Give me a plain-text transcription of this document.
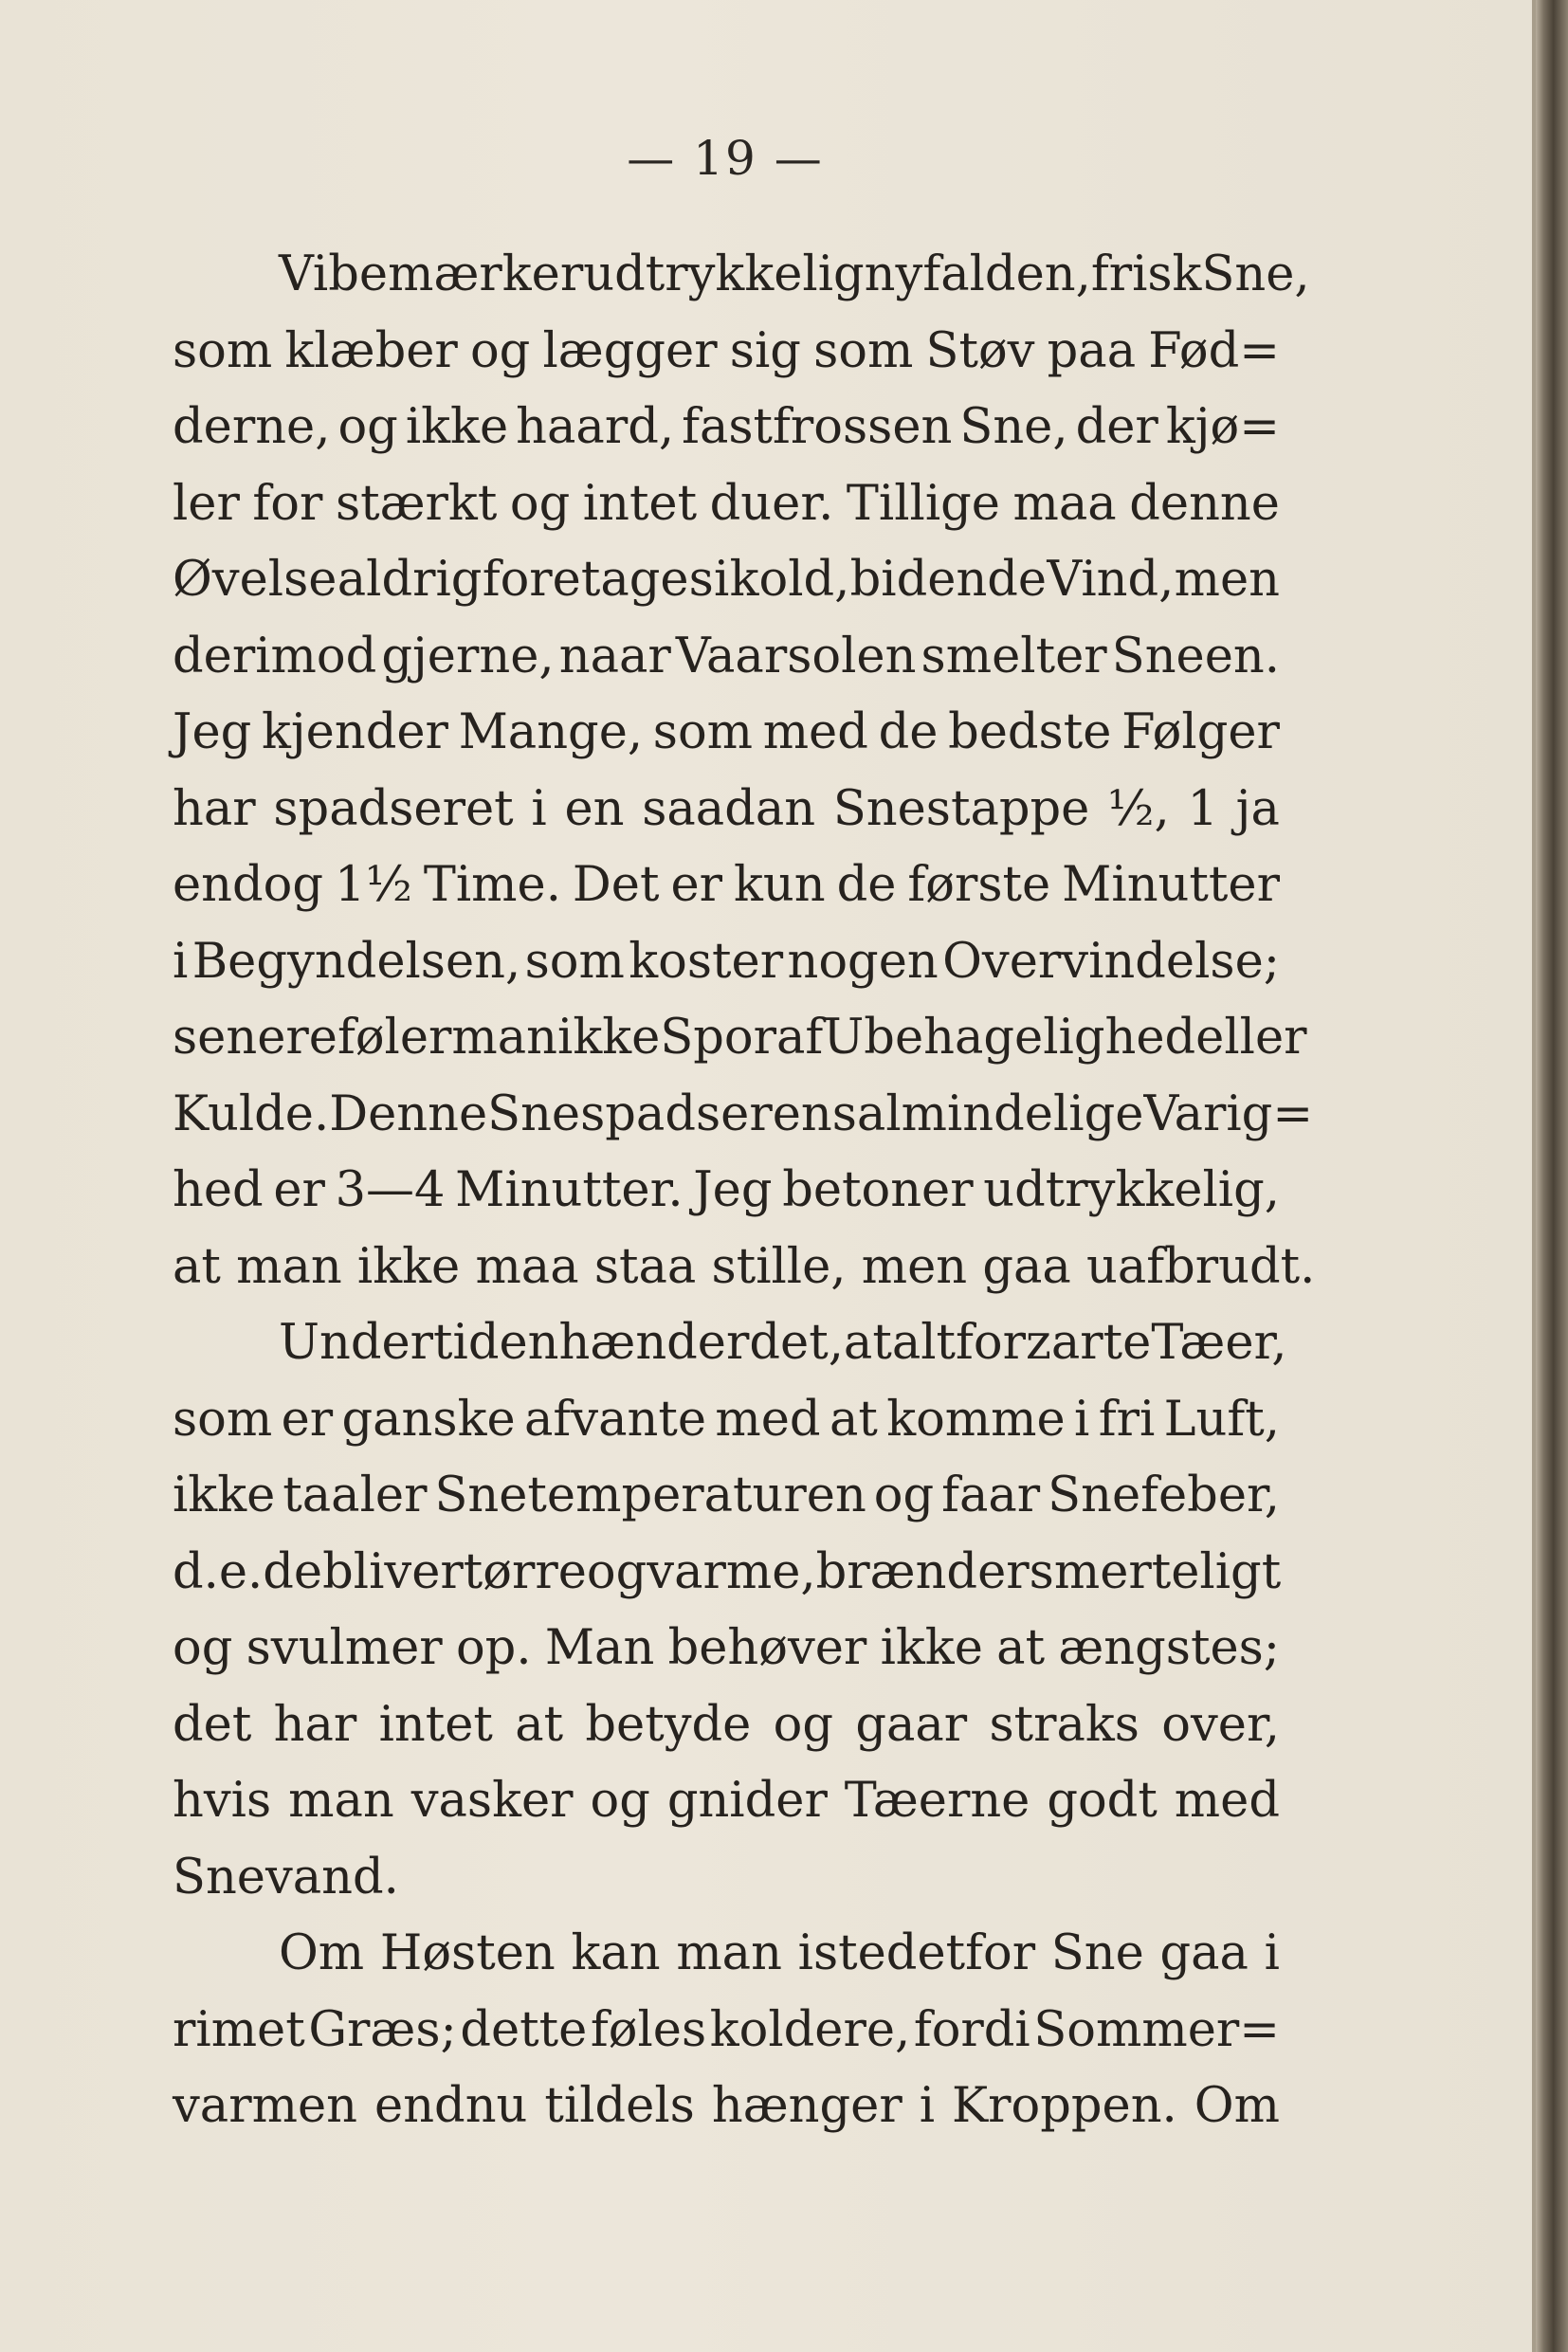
— 19 —
Vi bemærker udtrykkelig nyfalden, frisk Sne,
som klæber og lægger sig som Støv paa Fød=
derne, og ikke haard, fastfrossen Sne, der kjø=
ler for stærkt og intet duer. Tillige maa denne
Øvelse aldrig foretages i kold, bidende Vind, men
derimod gjerne, naar Vaarsolen smelter Sneen.
Jeg kjender Mange, som med de bedste Følger
har spadseret i en saadan Snestappe ½, 1 ja
endog 1½ Time. Det er kun de første Minutter
i Begyndelsen, som koster nogen Overvindelse;
senere føler man ikke Spor af Ubehagelighed eller
Kulde. Denne Snespadserens almindelige Varig=
hed er 3—4 Minutter. Jeg betoner udtrykkelig,
at man ikke maa staa stille, men gaa uafbrudt.
Undertiden hænder det, at altfor zarte Tæer,
som er ganske afvante med at komme i fri Luft,
ikke taaler Snetemperaturen og faar Snefeber,
d. e. de bliver tørre og varme, brænder smerteligt
og svulmer op. Man behøver ikke at ængstes;
det har intet at betyde og gaar straks over,
hvis man vasker og gnider Tæerne godt med
Snevand.
Om Høsten kan man istedetfor Sne gaa i
rimet Græs; dette føles koldere, fordi Sommer=
varmen endnu tildels hænger i Kroppen. Om
